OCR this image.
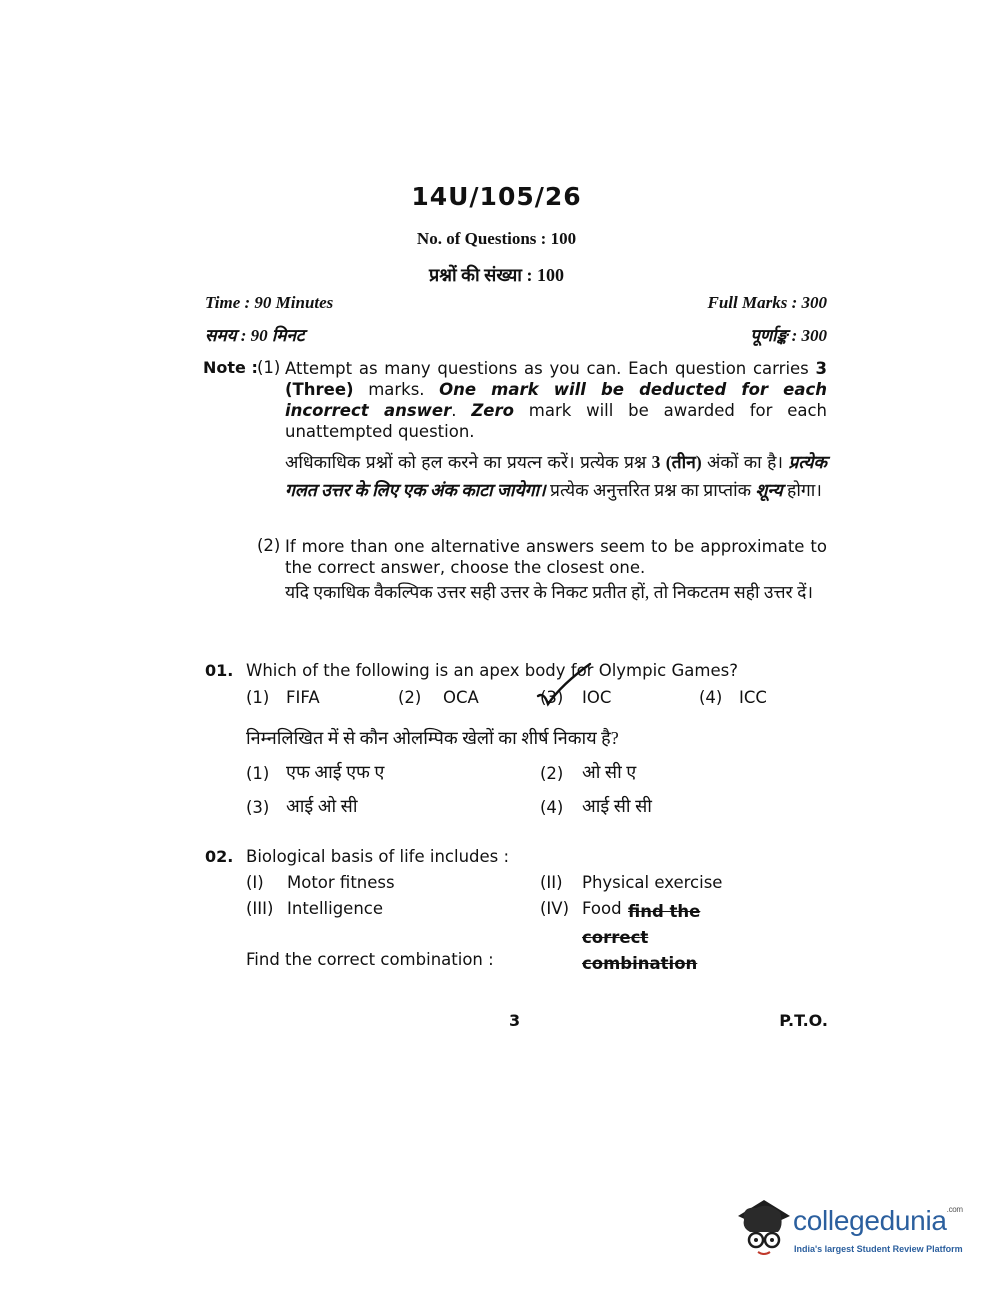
14U/105/26
No. of Questions : 100
प्रश्नों की संख्या : 100
Time : 90 Minutes	Full Marks : 300
समय : 90 मिनट	पूर्णाङ्क : 300
Note : (1) Attempt as many questions as you can. Each question carries 3 (Three) marks. One mark will be deducted for each incorrect answer. Zero mark will be awarded for each unattempted question.
अधिकाधिक प्रश्नों को हल करने का प्रयत्न करें। प्रत्येक प्रश्न 3 (तीन) अंकों का है। प्रत्येक गलत उत्तर के लिए एक अंक काटा जायेगा। प्रत्येक अनुत्तरित प्रश्न का प्राप्तांक शून्य होगा।
(2) If more than one alternative answers seem to be approximate to the correct answer, choose the closest one.
यदि एकाधिक वैकल्पिक उत्तर सही उत्तर के निकट प्रतीत हों, तो निकटतम सही उत्तर दें।
01. Which of the following is an apex body for Olympic Games?
(1) FIFA	(2) OCA	(3) IOC	(4) ICC
निम्नलिखित में से कौन ओलम्पिक खेलों का शीर्ष निकाय है?
(1) एफ आई एफ ए	(2) ओ सी ए
(3) आई ओ सी	(4) आई सी सी
02. Biological basis of life includes :
(I) Motor fitness	(II) Physical exercise
(III) Intelligence	(IV) Food find the correct combination
Find the correct combination :
3	P.T.O.
collegedunia$^{.com}$
India's largest Student Review Platform
